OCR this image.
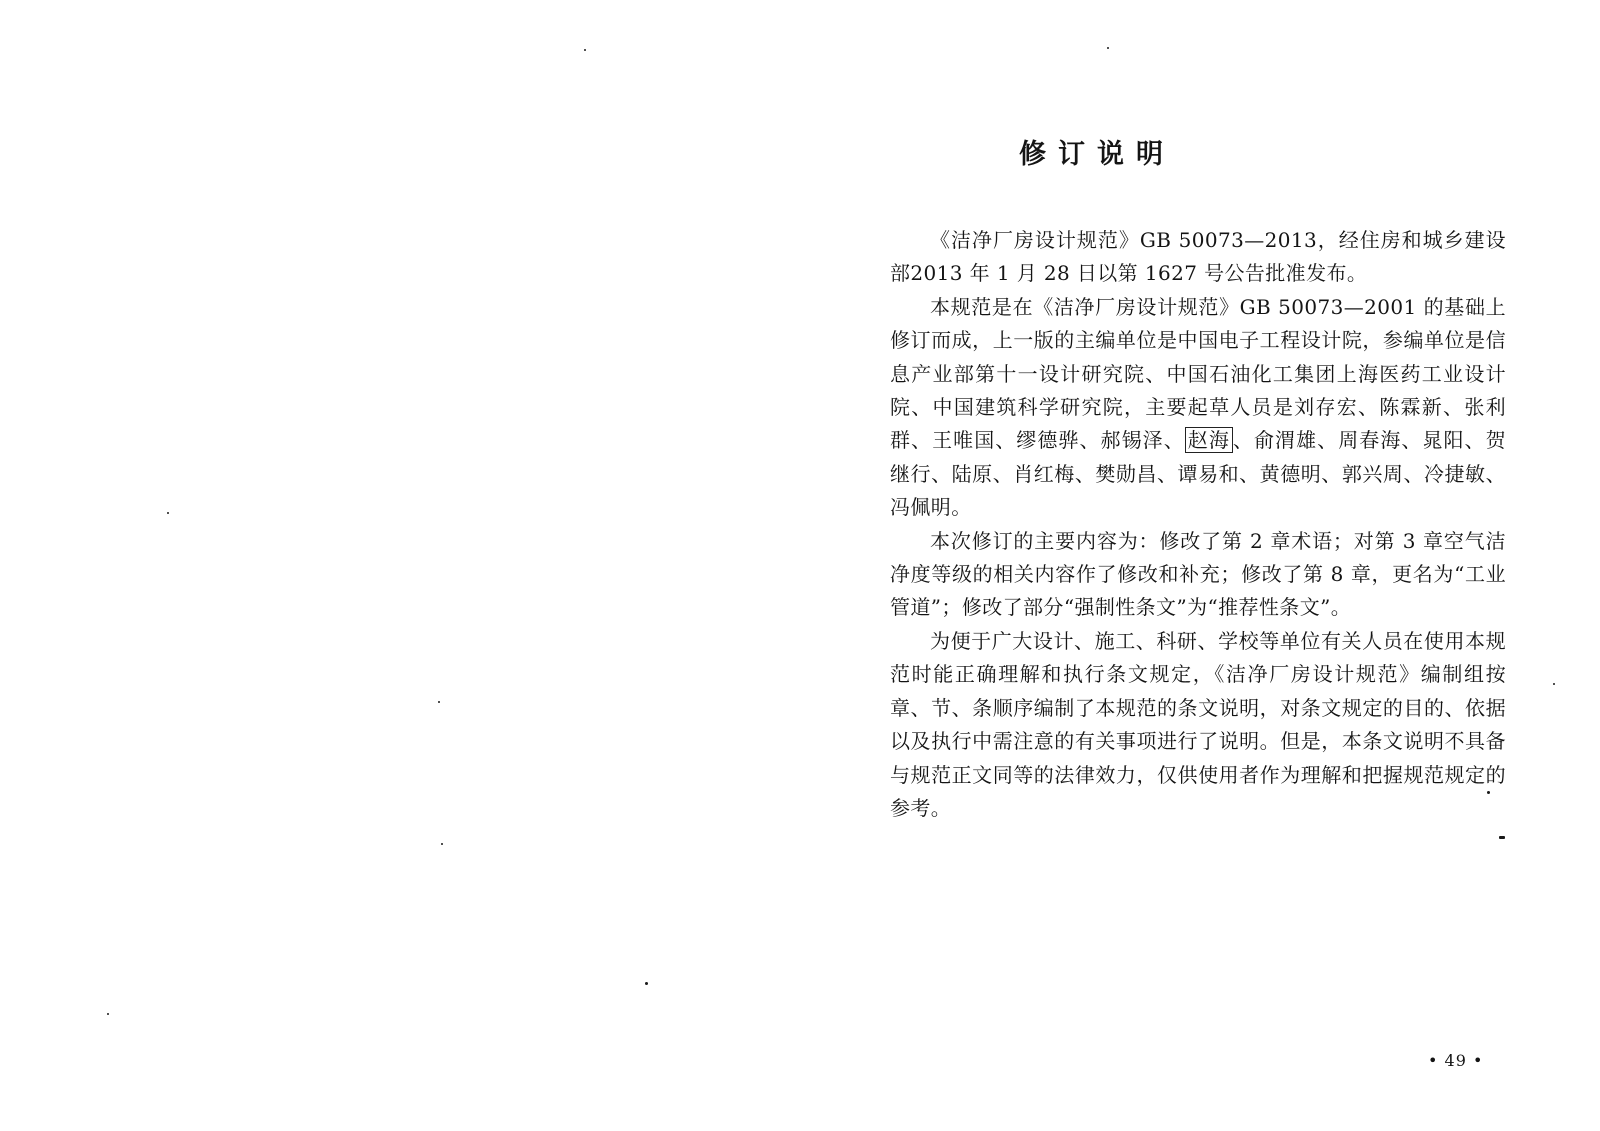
修订说明

《洁净厂房设计规范》GB 50073—2013，经住房和城乡建设部2013 年 1 月 28 日以第 1627 号公告批准发布。

本规范是在《洁净厂房设计规范》GB 50073—2001 的基础上修订而成，上一版的主编单位是中国电子工程设计院，参编单位是信息产业部第十一设计研究院、中国石油化工集团上海医药工业设计院、中国建筑科学研究院，主要起草人员是刘存宏、陈霖新、张利群、王唯国、缪德骅、郝锡泽、 赵海 、俞渭雄、周春海、晁阳、贺继行、陆原、肖红梅、樊勋昌、谭易和、黄德明、郭兴周、冷捷敏、冯佩明。

本次修订的主要内容为：修改了第 2 章术语；对第 3 章空气洁净度等级的相关内容作了修改和补充；修改了第 8 章，更名为“工业管道”；修改了部分“强制性条文”为“推荐性条文”。

为便于广大设计、施工、科研、学校等单位有关人员在使用本规范时能正确理解和执行条文规定，《洁净厂房设计规范》编制组按章、节、条顺序编制了本规范的条文说明，对条文规定的目的、依据以及执行中需注意的有关事项进行了说明。但是，本条文说明不具备与规范正文同等的法律效力，仅供使用者作为理解和把握规范规定的参考。

• 49 •
